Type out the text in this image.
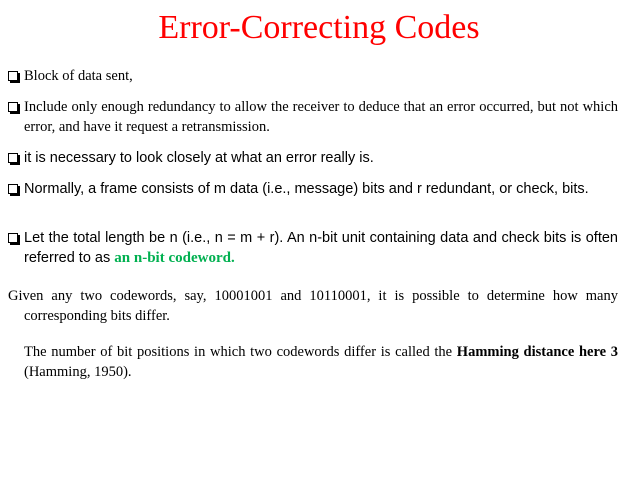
Error-Correcting Codes
Block of data sent,
Include only enough redundancy to allow the receiver to deduce that an error occurred, but not which error, and have it request a retransmission.
it is necessary to look closely at what an error really is.
Normally, a frame consists of m data (i.e., message) bits and r redundant, or check, bits.
Let the total length be n (i.e., n = m + r). An n-bit unit containing data and check bits is often referred to as an n-bit codeword.
Given any two codewords, say, 10001001 and 10110001, it is possible to determine how many corresponding bits differ.
The number of bit positions in which two codewords differ is called the Hamming distance here 3 (Hamming, 1950).
